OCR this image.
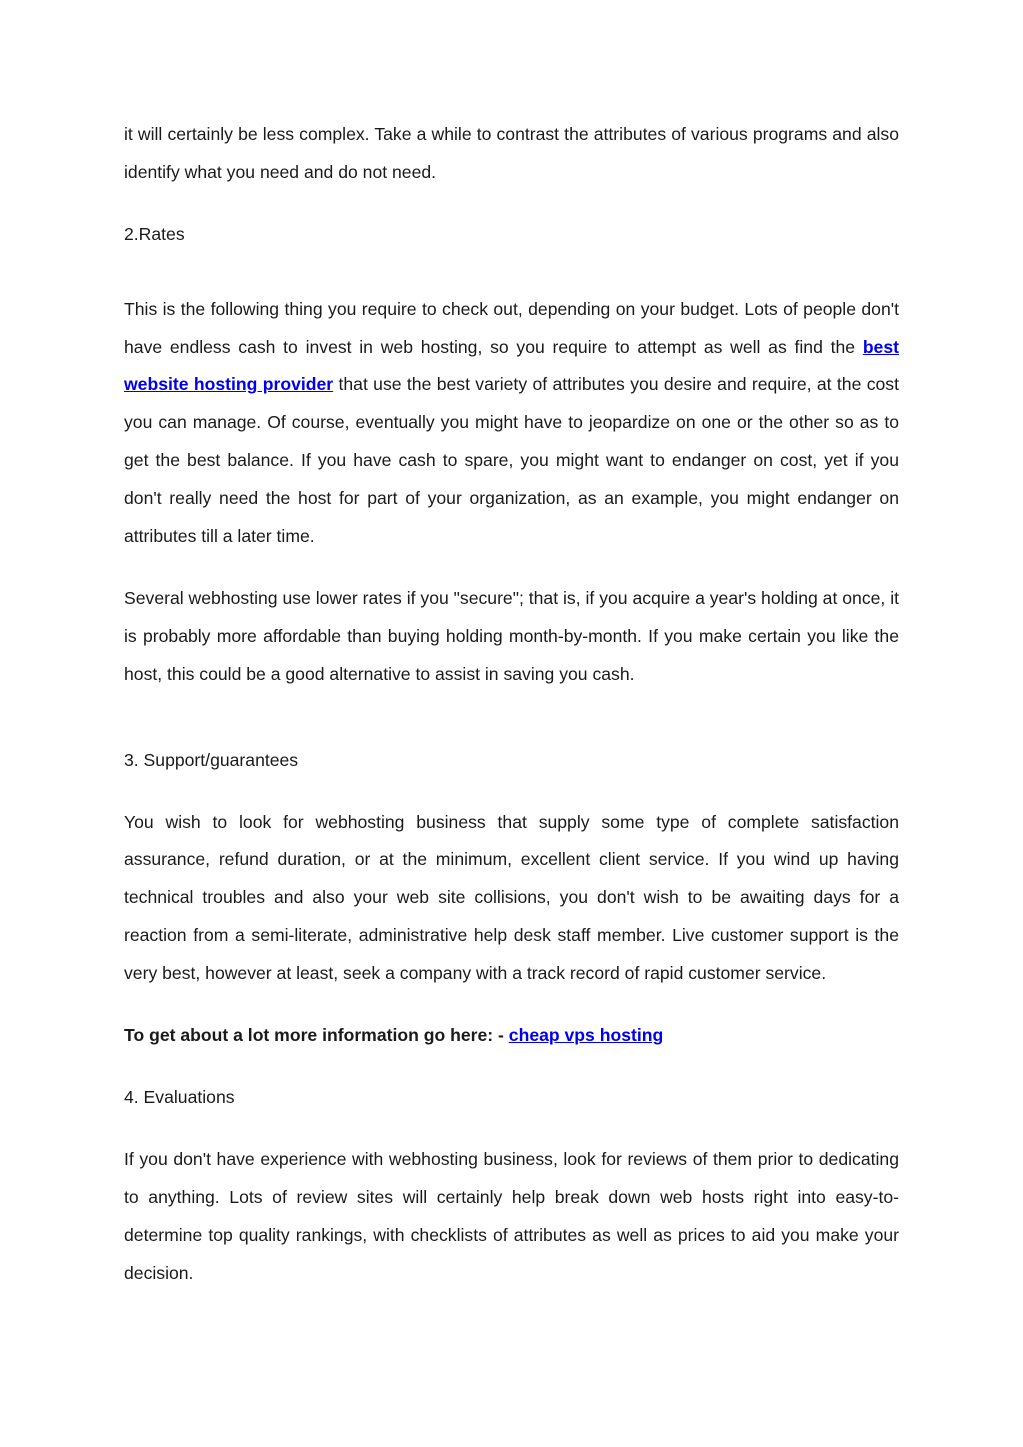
it will certainly be less complex. Take a while to contrast the attributes of various programs and also identify what you need and do not need.

2.Rates

This is the following thing you require to check out, depending on your budget. Lots of people don't have endless cash to invest in web hosting, so you require to attempt as well as find the best website hosting provider that use the best variety of attributes you desire and require, at the cost you can manage. Of course, eventually you might have to jeopardize on one or the other so as to get the best balance. If you have cash to spare, you might want to endanger on cost, yet if you don't really need the host for part of your organization, as an example, you might endanger on attributes till a later time.

Several webhosting use lower rates if you "secure"; that is, if you acquire a year's holding at once, it is probably more affordable than buying holding month-by-month. If you make certain you like the host, this could be a good alternative to assist in saving you cash.

3. Support/guarantees

You wish to look for webhosting business that supply some type of complete satisfaction assurance, refund duration, or at the minimum, excellent client service. If you wind up having technical troubles and also your web site collisions, you don't wish to be awaiting days for a reaction from a semi-literate, administrative help desk staff member. Live customer support is the very best, however at least, seek a company with a track record of rapid customer service.

To get about a lot more information go here: - cheap vps hosting

4. Evaluations

If you don't have experience with webhosting business, look for reviews of them prior to dedicating to anything. Lots of review sites will certainly help break down web hosts right into easy-to-determine top quality rankings, with checklists of attributes as well as prices to aid you make your decision.
